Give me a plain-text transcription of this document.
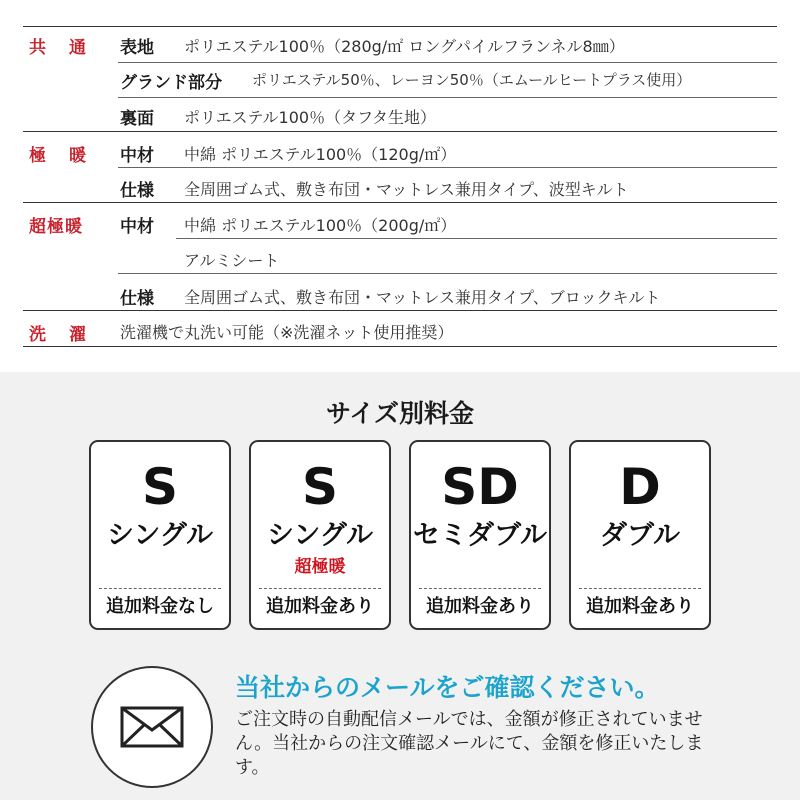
共通 表地 ポリエステル100％（280g/㎡ ロングパイルフランネル8㎜）
グランド部分 ポリエステル50％、レーヨン50％（エムールヒートプラス使用）
裏面 ポリエステル100％（タフタ生地）
極暖 中材 中綿 ポリエステル100％（120g/㎡）
仕様 全周囲ゴム式、敷き布団・マットレス兼用タイプ、波型キルト
超極暖 中材 中綿 ポリエステル100％（200g/㎡）
アルミシート
仕様 全周囲ゴム式、敷き布団・マットレス兼用タイプ、ブロックキルト
洗濯 洗濯機で丸洗い可能（※洗濯ネット使用推奨）
サイズ別料金
S
シングル
追加料金なし
S
シングル
超極暖
追加料金あり
SD
セミダブル
追加料金あり
D
ダブル
追加料金あり
当社からのメールをご確認ください。
ご注文時の自動配信メールでは、金額が修正されていません。当社からの注文確認メールにて、金額を修正いたします。
